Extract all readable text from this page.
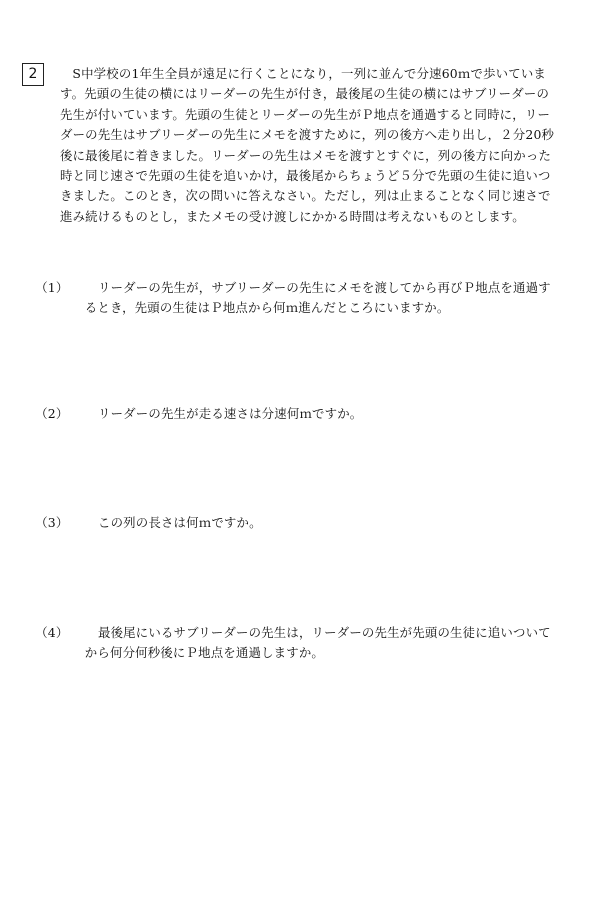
2	S中学校の1年生全員が遠足に行くことになり，一列に並んで分速60ｍで歩いています。先頭の生徒の横にはリーダーの先生が付き，最後尾の生徒の横にはサブリーダーの先生が付いています。先頭の生徒とリーダーの先生がＰ地点を通過すると同時に，リーダーの先生はサブリーダーの先生にメモを渡すために，列の後方へ走り出し，２分20秒後に最後尾に着きました。リーダーの先生はメモを渡すとすぐに，列の後方に向かった時と同じ速さで先頭の生徒を追いかけ，最後尾からちょうど５分で先頭の生徒に追いつきました。このとき，次の問いに答えなさい。ただし，列は止まることなく同じ速さで進み続けるものとし，またメモの受け渡しにかかる時間は考えないものとします。

（1） リーダーの先生が，サブリーダーの先生にメモを渡してから再びＰ地点を通過するとき，先頭の生徒はＰ地点から何ｍ進んだところにいますか。
（2） リーダーの先生が走る速さは分速何ｍですか。
（3） この列の長さは何ｍですか。
（4） 最後尾にいるサブリーダーの先生は，リーダーの先生が先頭の生徒に追いついてから何分何秒後にＰ地点を通過しますか。
